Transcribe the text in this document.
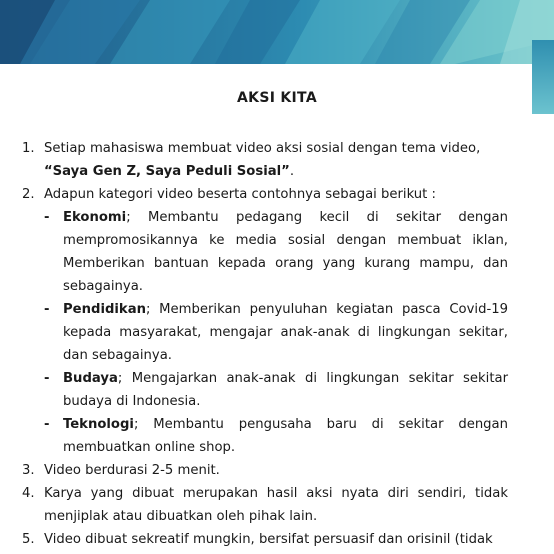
AKSI KITA
1. Setiap mahasiswa membuat video aksi sosial dengan tema video,
“Saya Gen Z, Saya Peduli Sosial”.
2. Adapun kategori video beserta contohnya sebagai berikut :
- Ekonomi; Membantu pedagang kecil di sekitar dengan mempromosikannya ke media sosial dengan membuat iklan, Memberikan bantuan kepada orang yang kurang mampu, dan sebagainya.
- Pendidikan; Memberikan penyuluhan kegiatan pasca Covid-19 kepada masyarakat, mengajar anak-anak di lingkungan sekitar, dan sebagainya.
- Budaya; Mengajarkan anak-anak di lingkungan sekitar sekitar budaya di Indonesia.
- Teknologi; Membantu pengusaha baru di sekitar dengan membuatkan online shop.
3. Video berdurasi 2-5 menit.
4. Karya yang dibuat merupakan hasil aksi nyata diri sendiri, tidak menjiplak atau dibuatkan oleh pihak lain.
5. Video dibuat sekreatif mungkin, bersifat persuasif dan orisinil (tidak
